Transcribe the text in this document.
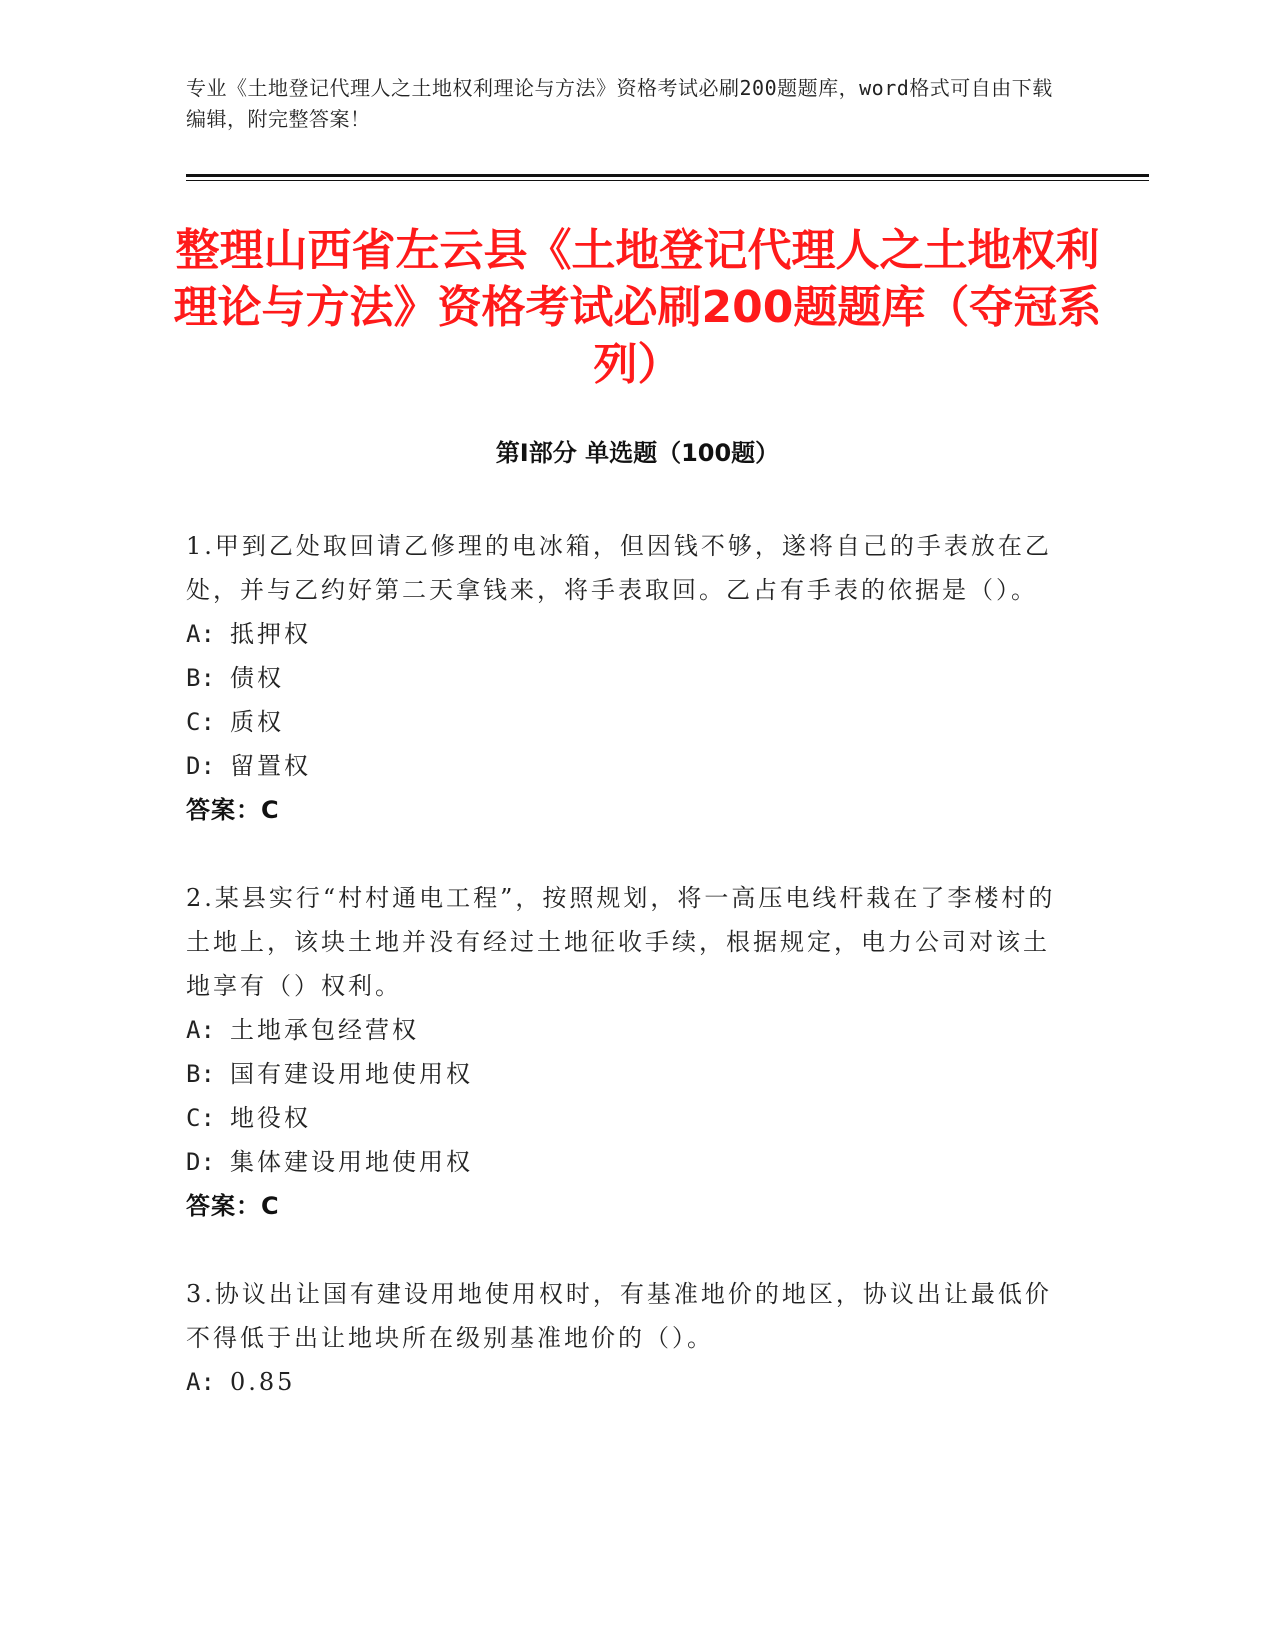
专业《土地登记代理人之土地权利理论与方法》资格考试必刷200题题库，word格式可自由下载编辑，附完整答案！
整理山西省左云县《土地登记代理人之土地权利理论与方法》资格考试必刷200题题库（夺冠系列）
第Ⅰ部分 单选题（100题）

1.甲到乙处取回请乙修理的电冰箱，但因钱不够，遂将自己的手表放在乙处，并与乙约好第二天拿钱来，将手表取回。乙占有手表的依据是（）。

A: 抵押权

B: 债权

C: 质权

D: 留置权

答案：C

2.某县实行“村村通电工程”，按照规划，将一高压电线杆栽在了李楼村的土地上，该块土地并没有经过土地征收手续，根据规定，电力公司对该土地享有（）权利。

A: 土地承包经营权

B: 国有建设用地使用权

C: 地役权

D: 集体建设用地使用权

答案：C

3.协议出让国有建设用地使用权时，有基准地价的地区，协议出让最低价不得低于出让地块所在级别基准地价的（）。

A: 0.85
